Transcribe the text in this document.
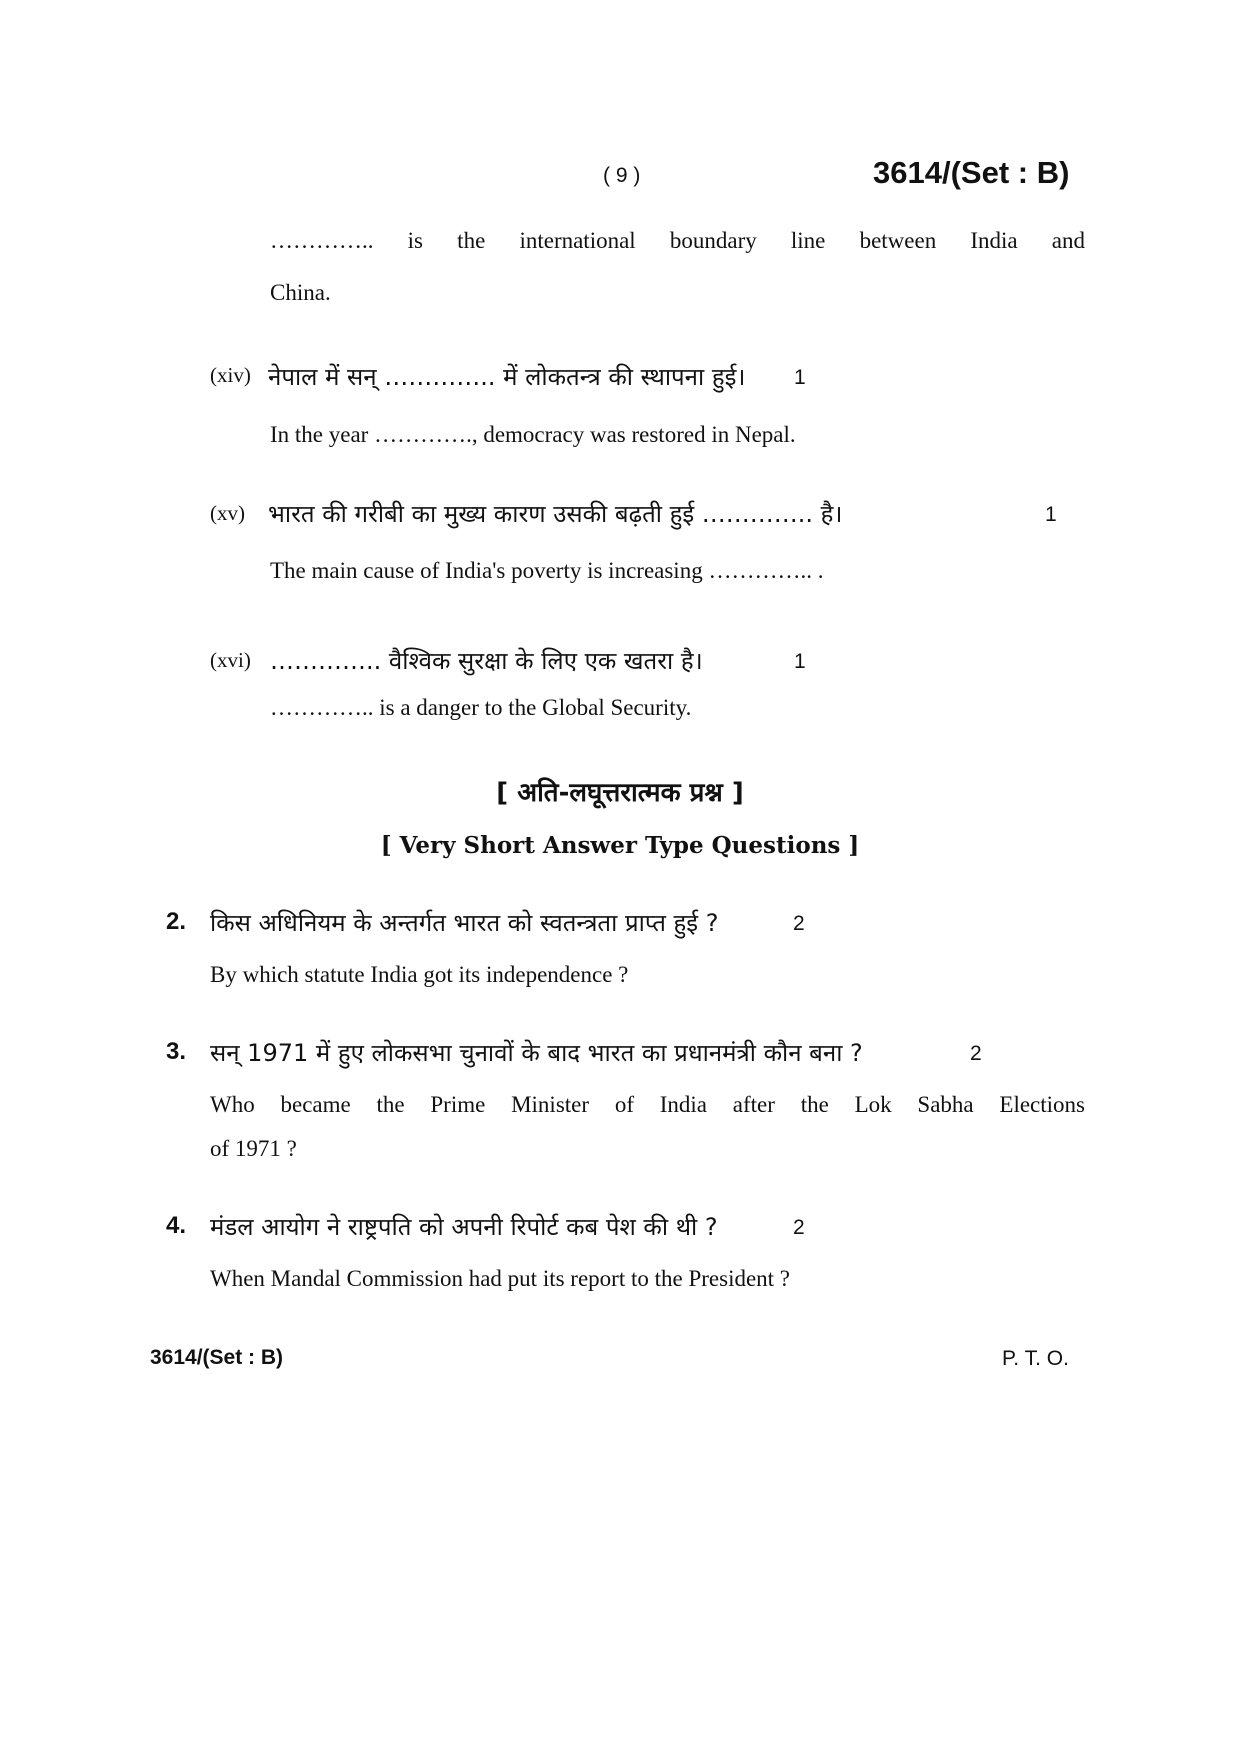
( 9 )	3614/(Set : B)
………….. is the international boundary line between India and
China.
(xiv) नेपाल में सन् ………….. में लोकतन्त्र की स्थापना हुई। 1
In the year …………., democracy was restored in Nepal.
(xv) भारत की गरीबी का मुख्य कारण उसकी बढ़ती हुई ………….. है।	1
The main cause of India's poverty is increasing ………….. .
(xvi) ………….. वैश्विक सुरक्षा के लिए एक खतरा है।	1
………….. is a danger to the Global Security.
[ अति-लघूत्तरात्मक प्रश्न ]
[ Very Short Answer Type Questions ]
2. किस अधिनियम के अन्तर्गत भारत को स्वतन्त्रता प्राप्त हुई ?	2
By which statute India got its independence ?
3. सन् 1971 में हुए लोकसभा चुनावों के बाद भारत का प्रधानमंत्री कौन बना ?	2
Who became the Prime Minister of India after the Lok Sabha Elections
of 1971 ?
4. मंडल आयोग ने राष्ट्रपति को अपनी रिपोर्ट कब पेश की थी ?	2
When Mandal Commission had put its report to the President ?
3614/(Set : B)	P. T. O.
